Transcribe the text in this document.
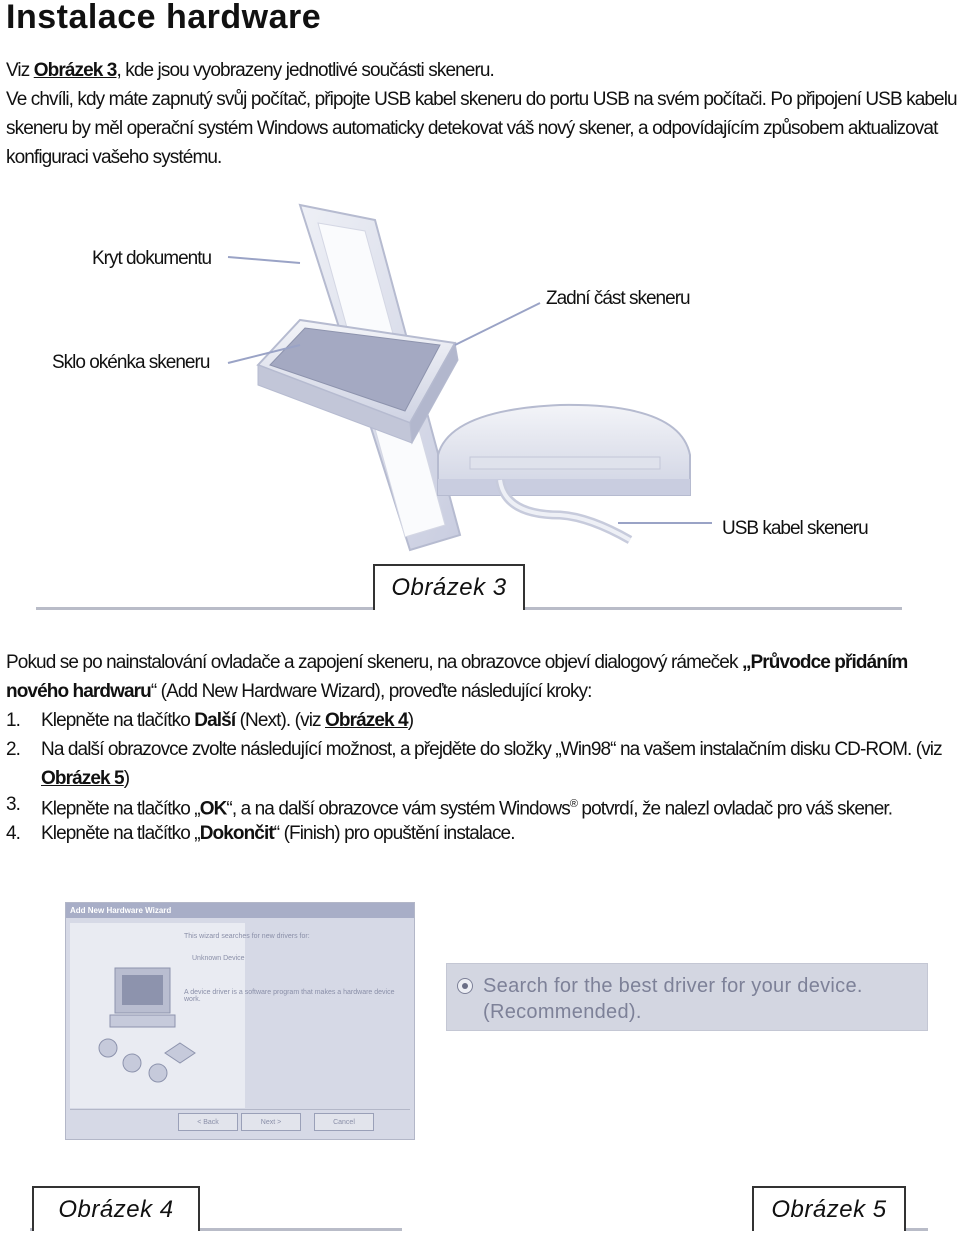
Instalace hardware
Viz Obrázek 3, kde jsou vyobrazeny jednotlivé součásti skeneru.
Ve chvíli, kdy máte zapnutý svůj počítač, připojte USB kabel skeneru do portu USB na svém počítači. Po připojení USB kabelu skeneru by měl operační systém Windows automaticky detekovat váš nový skener, a odpovídajícím způsobem aktualizovat konfiguraci vašeho systému.
Kryt dokumentu
Zadní část skeneru
Sklo okénka skeneru
USB kabel skeneru
Obrázek 3
Pokud se po nainstalování ovladače a zapojení skeneru, na obrazovce objeví dialogový rámeček „Průvodce přidáním nového hardwaru“ (Add New Hardware Wizard), proveďte následující kroky:
1. Klepněte na tlačítko Další (Next). (viz Obrázek 4)
2. Na další obrazovce zvolte následující možnost, a přejděte do složky „Win98“ na vašem instalačním disku CD-ROM. (viz Obrázek 5)
3. Klepněte na tlačítko „OK“, a na další obrazovce vám systém Windows® potvrdí, že nalezl ovladač pro váš skener.
4. Klepněte na tlačítko „Dokončit“ (Finish) pro opuštění instalace.
Add New Hardware Wizard
This wizard searches for new drivers for:
Unknown Device
A device driver is a software program that makes a hardware device work.
< Back	Next >	Cancel
Search for the best driver for your device.
(Recommended).
Obrázek 4	Obrázek 5
